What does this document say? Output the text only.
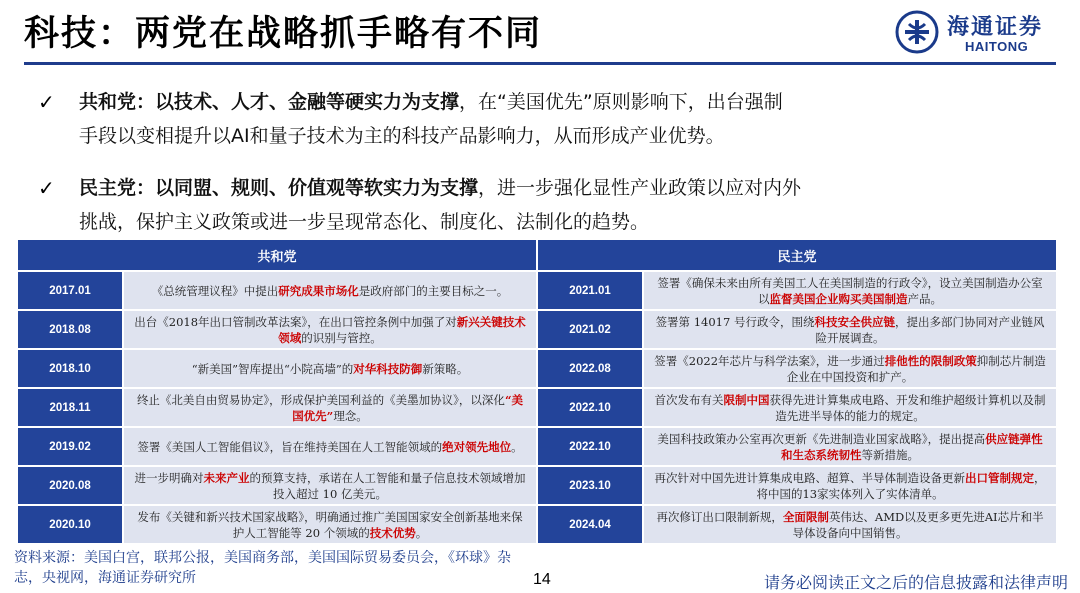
科技：两党在战略抓手略有不同	海通证券
HAITONG
✓	共和党：以技术、人才、金融等硬实力为支撑，在“美国优先”原则影响下，出台强制
手段以变相提升以AI和量子技术为主的科技产品影响力，从而形成产业优势。
✓	民主党：以同盟、规则、价值观等软实力为支撑，进一步强化显性产业政策以应对内外
挑战，保护主义政策或进一步呈现常态化、制度化、法制化的趋势。
共和党		民主党	
2017.01	《总统管理议程》中提出研究成果市场化是政府部门的主要目标之一。	2021.01	签署《确保未来由所有美国工人在美国制造的行政令》，设立美国制造办公室以监督美国企业购买美国制造产品。
2018.08	出台《2018年出口管制改革法案》，在出口管控条例中加强了对新兴关键技术领域的识别与管控。	2021.02	签署第 14017 号行政令，围绕科技安全供应链，提出多部门协同对产业链风险开展调查。
2018.10	“新美国”智库提出“小院高墙”的对华科技防御新策略。	2022.08	签署《2022年芯片与科学法案》，进一步通过排他性的限制政策抑制芯片制造企业在中国投资和扩产。
2018.11	终止《北美自由贸易协定》，形成保护美国利益的《美墨加协议》，以深化“美国优先”理念。	2022.10	首次发布有关限制中国获得先进计算集成电路、开发和维护超级计算机以及制造先进半导体的能力的规定。
2019.02	签署《美国人工智能倡议》，旨在维持美国在人工智能领域的绝对领先地位。	2022.10	美国科技政策办公室再次更新《先进制造业国家战略》，提出提高供应链弹性和生态系统韧性等新措施。
2020.08	进一步明确对未来产业的预算支持，承诺在人工智能和量子信息技术领域增加投入超过 10 亿美元。	2023.10	再次针对中国先进计算集成电路、超算、半导体制造设备更新出口管制规定，将中国的13家实体列入了实体清单。
2020.10	发布《关键和新兴技术国家战略》，明确通过推广美国国家安全创新基地来保护人工智能等 20 个领域的技术优势。	2024.04	再次修订出口限制新规，全面限制英伟达、AMD以及更多更先进AI芯片和半导体设备向中国销售。
资料来源：美国白宫，联邦公报，美国商务部，美国国际贸易委员会，《环球》杂志，央视网，海通证券研究所	14	请务必阅读正文之后的信息披露和法律声明
